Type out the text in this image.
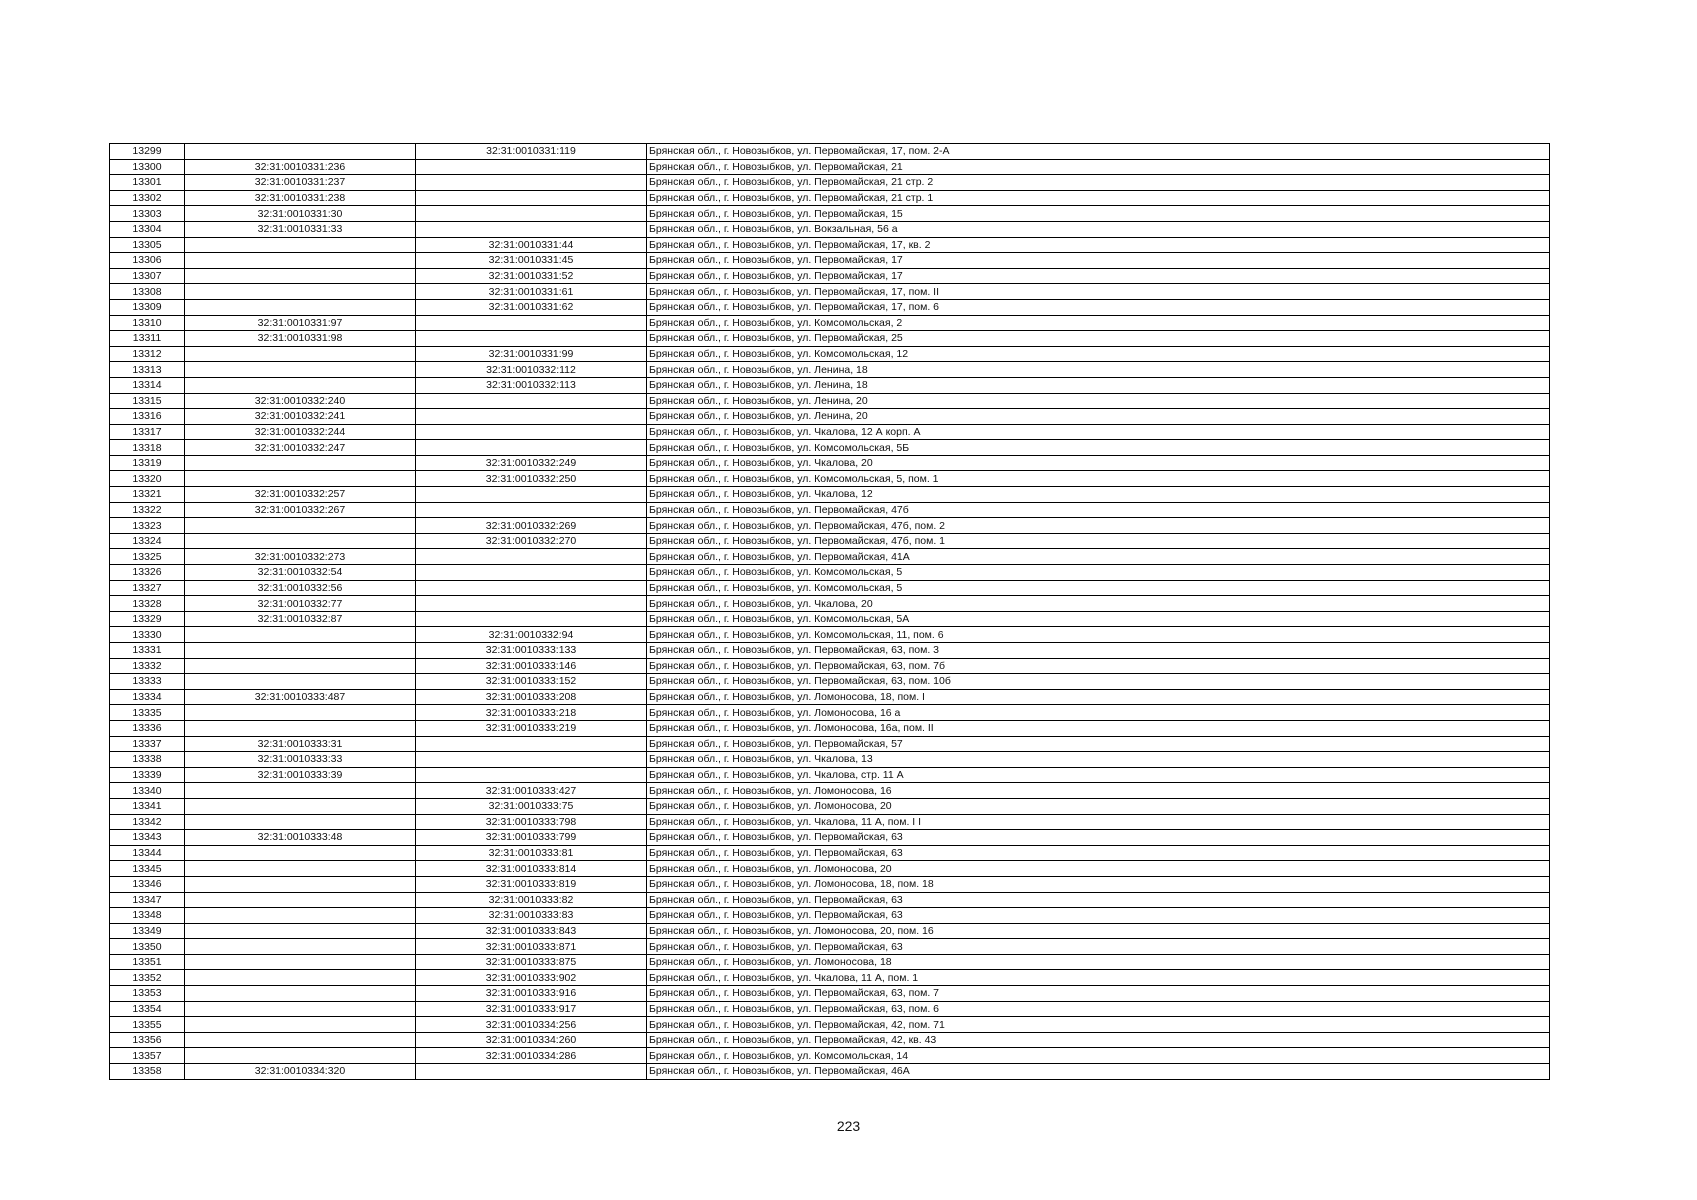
13299		32:31:0010331:119	Брянская обл., г. Новозыбков, ул. Первомайская, 17, пом. 2-А
13300	32:31:0010331:236		Брянская обл., г. Новозыбков, ул. Первомайская, 21
13301	32:31:0010331:237		Брянская обл., г. Новозыбков, ул. Первомайская, 21 стр. 2
13302	32:31:0010331:238		Брянская обл., г. Новозыбков, ул. Первомайская, 21 стр. 1
13303	32:31:0010331:30		Брянская обл., г. Новозыбков, ул. Первомайская, 15
13304	32:31:0010331:33		Брянская обл., г. Новозыбков, ул. Вокзальная, 56 а
13305		32:31:0010331:44	Брянская обл., г. Новозыбков, ул. Первомайская, 17, кв. 2
13306		32:31:0010331:45	Брянская обл., г. Новозыбков, ул. Первомайская, 17
13307		32:31:0010331:52	Брянская обл., г. Новозыбков, ул. Первомайская, 17
13308		32:31:0010331:61	Брянская обл., г. Новозыбков, ул. Первомайская, 17, пом. II
13309		32:31:0010331:62	Брянская обл., г. Новозыбков, ул. Первомайская, 17, пом. 6
13310	32:31:0010331:97		Брянская обл., г. Новозыбков, ул. Комсомольская, 2
13311	32:31:0010331:98		Брянская обл., г. Новозыбков, ул. Первомайская, 25
13312		32:31:0010331:99	Брянская обл., г. Новозыбков, ул. Комсомольская, 12
13313		32:31:0010332:112	Брянская обл., г. Новозыбков, ул. Ленина, 18
13314		32:31:0010332:113	Брянская обл., г. Новозыбков, ул. Ленина, 18
13315	32:31:0010332:240		Брянская обл., г. Новозыбков, ул. Ленина, 20
13316	32:31:0010332:241		Брянская обл., г. Новозыбков, ул. Ленина, 20
13317	32:31:0010332:244		Брянская обл., г. Новозыбков, ул. Чкалова, 12 А корп. А
13318	32:31:0010332:247		Брянская обл., г. Новозыбков, ул. Комсомольская, 5Б
13319		32:31:0010332:249	Брянская обл., г. Новозыбков, ул. Чкалова, 20
13320		32:31:0010332:250	Брянская обл., г. Новозыбков, ул. Комсомольская, 5, пом. 1
13321	32:31:0010332:257		Брянская обл., г. Новозыбков, ул. Чкалова, 12
13322	32:31:0010332:267		Брянская обл., г. Новозыбков, ул. Первомайская, 47б
13323		32:31:0010332:269	Брянская обл., г. Новозыбков, ул. Первомайская, 47б, пом. 2
13324		32:31:0010332:270	Брянская обл., г. Новозыбков, ул. Первомайская, 47б, пом. 1
13325	32:31:0010332:273		Брянская обл., г. Новозыбков, ул. Первомайская, 41А
13326	32:31:0010332:54		Брянская обл., г. Новозыбков, ул. Комсомольская, 5
13327	32:31:0010332:56		Брянская обл., г. Новозыбков, ул. Комсомольская, 5
13328	32:31:0010332:77		Брянская обл., г. Новозыбков, ул. Чкалова, 20
13329	32:31:0010332:87		Брянская обл., г. Новозыбков, ул. Комсомольская, 5А
13330		32:31:0010332:94	Брянская обл., г. Новозыбков, ул. Комсомольская, 11, пом. 6
13331		32:31:0010333:133	Брянская обл., г. Новозыбков, ул. Первомайская, 63, пом. 3
13332		32:31:0010333:146	Брянская обл., г. Новозыбков, ул. Первомайская, 63, пом. 7б
13333		32:31:0010333:152	Брянская обл., г. Новозыбков, ул. Первомайская, 63, пом. 10б
13334	32:31:0010333:487	32:31:0010333:208	Брянская обл., г. Новозыбков, ул. Ломоносова, 18, пом. I
13335		32:31:0010333:218	Брянская обл., г. Новозыбков, ул. Ломоносова, 16 а
13336		32:31:0010333:219	Брянская обл., г. Новозыбков, ул. Ломоносова, 16а, пом. II
13337	32:31:0010333:31		Брянская обл., г. Новозыбков, ул. Первомайская, 57
13338	32:31:0010333:33		Брянская обл., г. Новозыбков, ул. Чкалова, 13
13339	32:31:0010333:39		Брянская обл., г. Новозыбков, ул. Чкалова, стр. 11 А
13340		32:31:0010333:427	Брянская обл., г. Новозыбков, ул. Ломоносова, 16
13341		32:31:0010333:75	Брянская обл., г. Новозыбков, ул. Ломоносова, 20
13342		32:31:0010333:798	Брянская обл., г. Новозыбков, ул. Чкалова, 11 А, пом. I I
13343	32:31:0010333:48	32:31:0010333:799	Брянская обл., г. Новозыбков, ул. Первомайская, 63
13344		32:31:0010333:81	Брянская обл., г. Новозыбков, ул. Первомайская, 63
13345		32:31:0010333:814	Брянская обл., г. Новозыбков, ул. Ломоносова, 20
13346		32:31:0010333:819	Брянская обл., г. Новозыбков, ул. Ломоносова, 18, пом. 18
13347		32:31:0010333:82	Брянская обл., г. Новозыбков, ул. Первомайская, 63
13348		32:31:0010333:83	Брянская обл., г. Новозыбков, ул. Первомайская, 63
13349		32:31:0010333:843	Брянская обл., г. Новозыбков, ул. Ломоносова, 20, пом. 16
13350		32:31:0010333:871	Брянская обл., г. Новозыбков, ул. Первомайская, 63
13351		32:31:0010333:875	Брянская обл., г. Новозыбков, ул. Ломоносова, 18
13352		32:31:0010333:902	Брянская обл., г. Новозыбков, ул. Чкалова, 11 А, пом. 1
13353		32:31:0010333:916	Брянская обл., г. Новозыбков, ул. Первомайская, 63, пом. 7
13354		32:31:0010333:917	Брянская обл., г. Новозыбков, ул. Первомайская, 63, пом. 6
13355		32:31:0010334:256	Брянская обл., г. Новозыбков, ул. Первомайская, 42, пом. 71
13356		32:31:0010334:260	Брянская обл., г. Новозыбков, ул. Первомайская, 42, кв. 43
13357		32:31:0010334:286	Брянская обл., г. Новозыбков, ул. Комсомольская, 14
13358	32:31:0010334:320		Брянская обл., г. Новозыбков, ул. Первомайская, 46А
223
